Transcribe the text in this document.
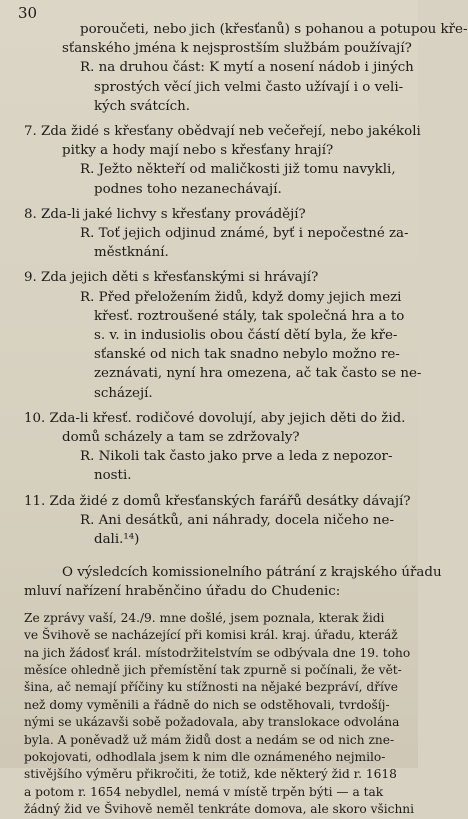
30
poroučeti, nebo jich (křesťanů) s pohanou a potupou kře-
sťanského jména k nejsprostším službám používají?
R. na druhou část: K mytí a nosení nádob i jiných
sprostých věcí jich velmi často užívají i o veli-
kých svátcích.
7. Zda židé s křesťany obědvají neb večeřejí, nebo jakékoli
pitky a hody mají nebo s křesťany hrají?
R. Ježto někteří od maličkosti již tomu navykli,
podnes toho nezanechávají.
8. Zda-li jaké lichvy s křesťany provádějí?
R. Toť jejich odjinud známé, byť i nepočestné za-
městknání.
9. Zda jejich děti s křesťanskými si hrávají?
R. Před přeložením židů, když domy jejich mezi
křesť. roztroušené stály, tak společná hra a to
s. v. in indusiolis obou částí dětí byla, že kře-
sťanské od nich tak snadno nebylo možno re-
zeznávati, nyní hra omezena, ač tak často se ne-
scházejí.
10. Zda-li křesť. rodičové dovolují, aby jejich děti do žid.
domů scházely a tam se zdržovaly?
R. Nikoli tak často jako prve a leda z nepozor-
nosti.
11. Zda židé z domů křesťanských farářů desátky dávají?
R. Ani desátků, ani náhrady, docela ničeho ne-
dali.¹⁴)
O výsledcích komissionelního pátrání z krajského úřadu
mluví nařízení hraběnčino úřadu do Chudenic:
Ze zprávy vaší, 24./9. mne došlé, jsem poznala, kterak židi
ve Švihově se nacházející při komisi král. kraj. úřadu, kteráž
na jich žádosť král. místodržitelstvím se odbývala dne 19. toho
měsíce ohledně jich přemístění tak zpurně si počínali, že vět-
šina, ač nemají příčiny ku stížnosti na nějaké bezpráví, dříve
než domy vyměnili a řádně do nich se odstěhovali, tvrdošíj-
nými se ukázavši sobě požadovala, aby translokace odvolána
byla. A poněvadž už mám židů dost a nedám se od nich zne-
pokojovati, odhodlala jsem k nim dle oznámeného nejmilo-
stivějšího výměru přikročiti, že totiž, kde některý žid r. 1618
a potom r. 1654 nebydlel, nemá v místě trpěn býti — a tak
žádný žid ve Švihově neměl tenkráte domova, ale skoro všichni
